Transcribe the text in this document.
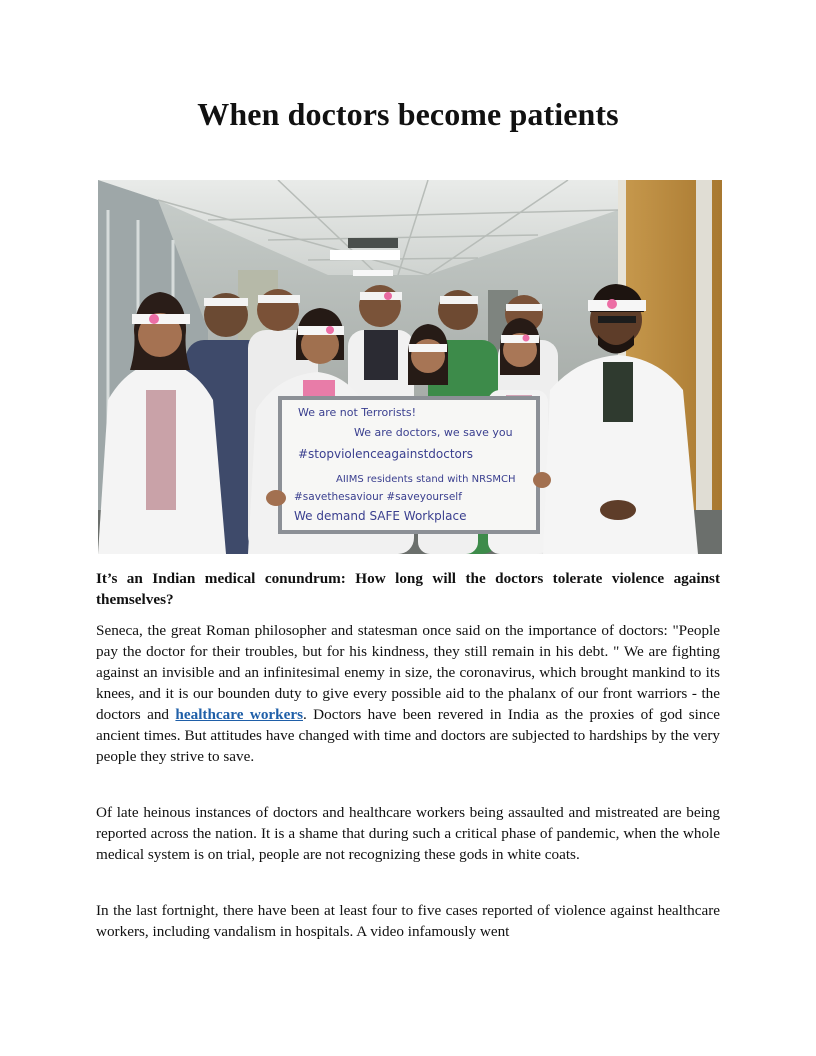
When doctors become patients
We are not Terrorists!
We are doctors, we save you
#stopviolenceagainstdoctors
AIIMS residents stand with NRSMCH
#savethesaviour #saveyourself
We demand SAFE Workplace

It’s an Indian medical conundrum: How long will the doctors tolerate violence against themselves?

Seneca, the great Roman philosopher and statesman once said on the importance of doctors: "People pay the doctor for their troubles, but for his kindness, they still remain in his debt. " We are fighting against an invisible and an infinitesimal enemy in size, the coronavirus, which brought mankind to its knees, and it is our bounden duty to give every possible aid to the phalanx of our front warriors - the doctors and healthcare workers. Doctors have been revered in India as the proxies of god since ancient times. But attitudes have changed with time and doctors are subjected to hardships by the very people they strive to save.

Of late heinous instances of doctors and healthcare workers being assaulted and mistreated are being reported across the nation. It is a shame that during such a critical phase of pandemic, when the whole medical system is on trial, people are not recognizing these gods in white coats.

In the last fortnight, there have been at least four to five cases reported of violence against healthcare workers, including vandalism in hospitals. A video infamously went
